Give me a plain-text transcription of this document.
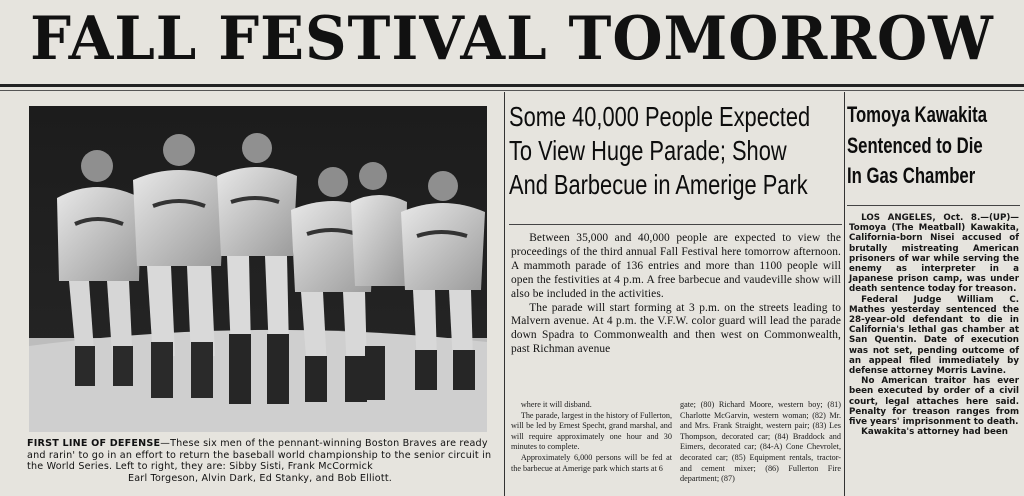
FALL FESTIVAL TOMORROW
FIRST LINE OF DEFENSE—These six men of the pennant-winning Boston Braves are ready and rarin' to go in an effort to return the baseball world championship to the senior circuit in the World Series. Left to right, they are: Sibby Sisti, Frank McCormick
Earl Torgeson, Alvin Dark, Ed Stanky, and Bob Elliott.
Some 40,000 People Expected
To View Huge Parade; Show
And Barbecue in Amerige Park

Between 35,000 and 40,000 people are expected to view the proceedings of the third annual Fall Festival here tomorrow afternoon. A mammoth parade of 136 entries and more than 1100 people will open the festivities at 4 p.m. A free barbecue and vaudeville show will also be included in the activities.

The parade will start forming at 3 p.m. on the streets leading to Malvern avenue. At 4 p.m. the V.F.W. color guard will lead the parade down Spadra to Commonwealth and then west on Commonwealth, past Richman avenue

where it will disband.

The parade, largest in the history of Fullerton, will be led by Ernest Specht, grand marshal, and will require approximately one hour and 30 minutes to complete.

Approximately 6,000 persons will be fed at the barbecue at Amerige park which starts at 6

gate; (80) Richard Moore, western boy; (81) Charlotte McGarvin, western woman; (82) Mr. and Mrs. Frank Straight, western pair; (83) Les Thompson, decorated car; (84) Braddock and Eimers, decorated car; (84-A) Cone Chevrolet, decorated car; (85) Equipment rentals, tractor-and cement mixer; (86) Fullerton Fire department; (87)

Tomoya Kawakita
Sentenced to Die
In Gas Chamber

LOS ANGELES, Oct. 8.—(UP)—Tomoya (The Meatball) Kawakita, California-born Nisei accused of brutally mistreating American prisoners of war while serving the enemy as interpreter in a Japanese prison camp, was under death sentence today for treason.

Federal Judge William C. Mathes yesterday sentenced the 28-year-old defendant to die in California's lethal gas chamber at San Quentin. Date of execution was not set, pending outcome of an appeal filed immediately by defense attorney Morris Lavine.

No American traitor has ever been executed by order of a civil court, legal attaches here said. Penalty for treason ranges from five years' imprisonment to death.

Kawakita's attorney had been
